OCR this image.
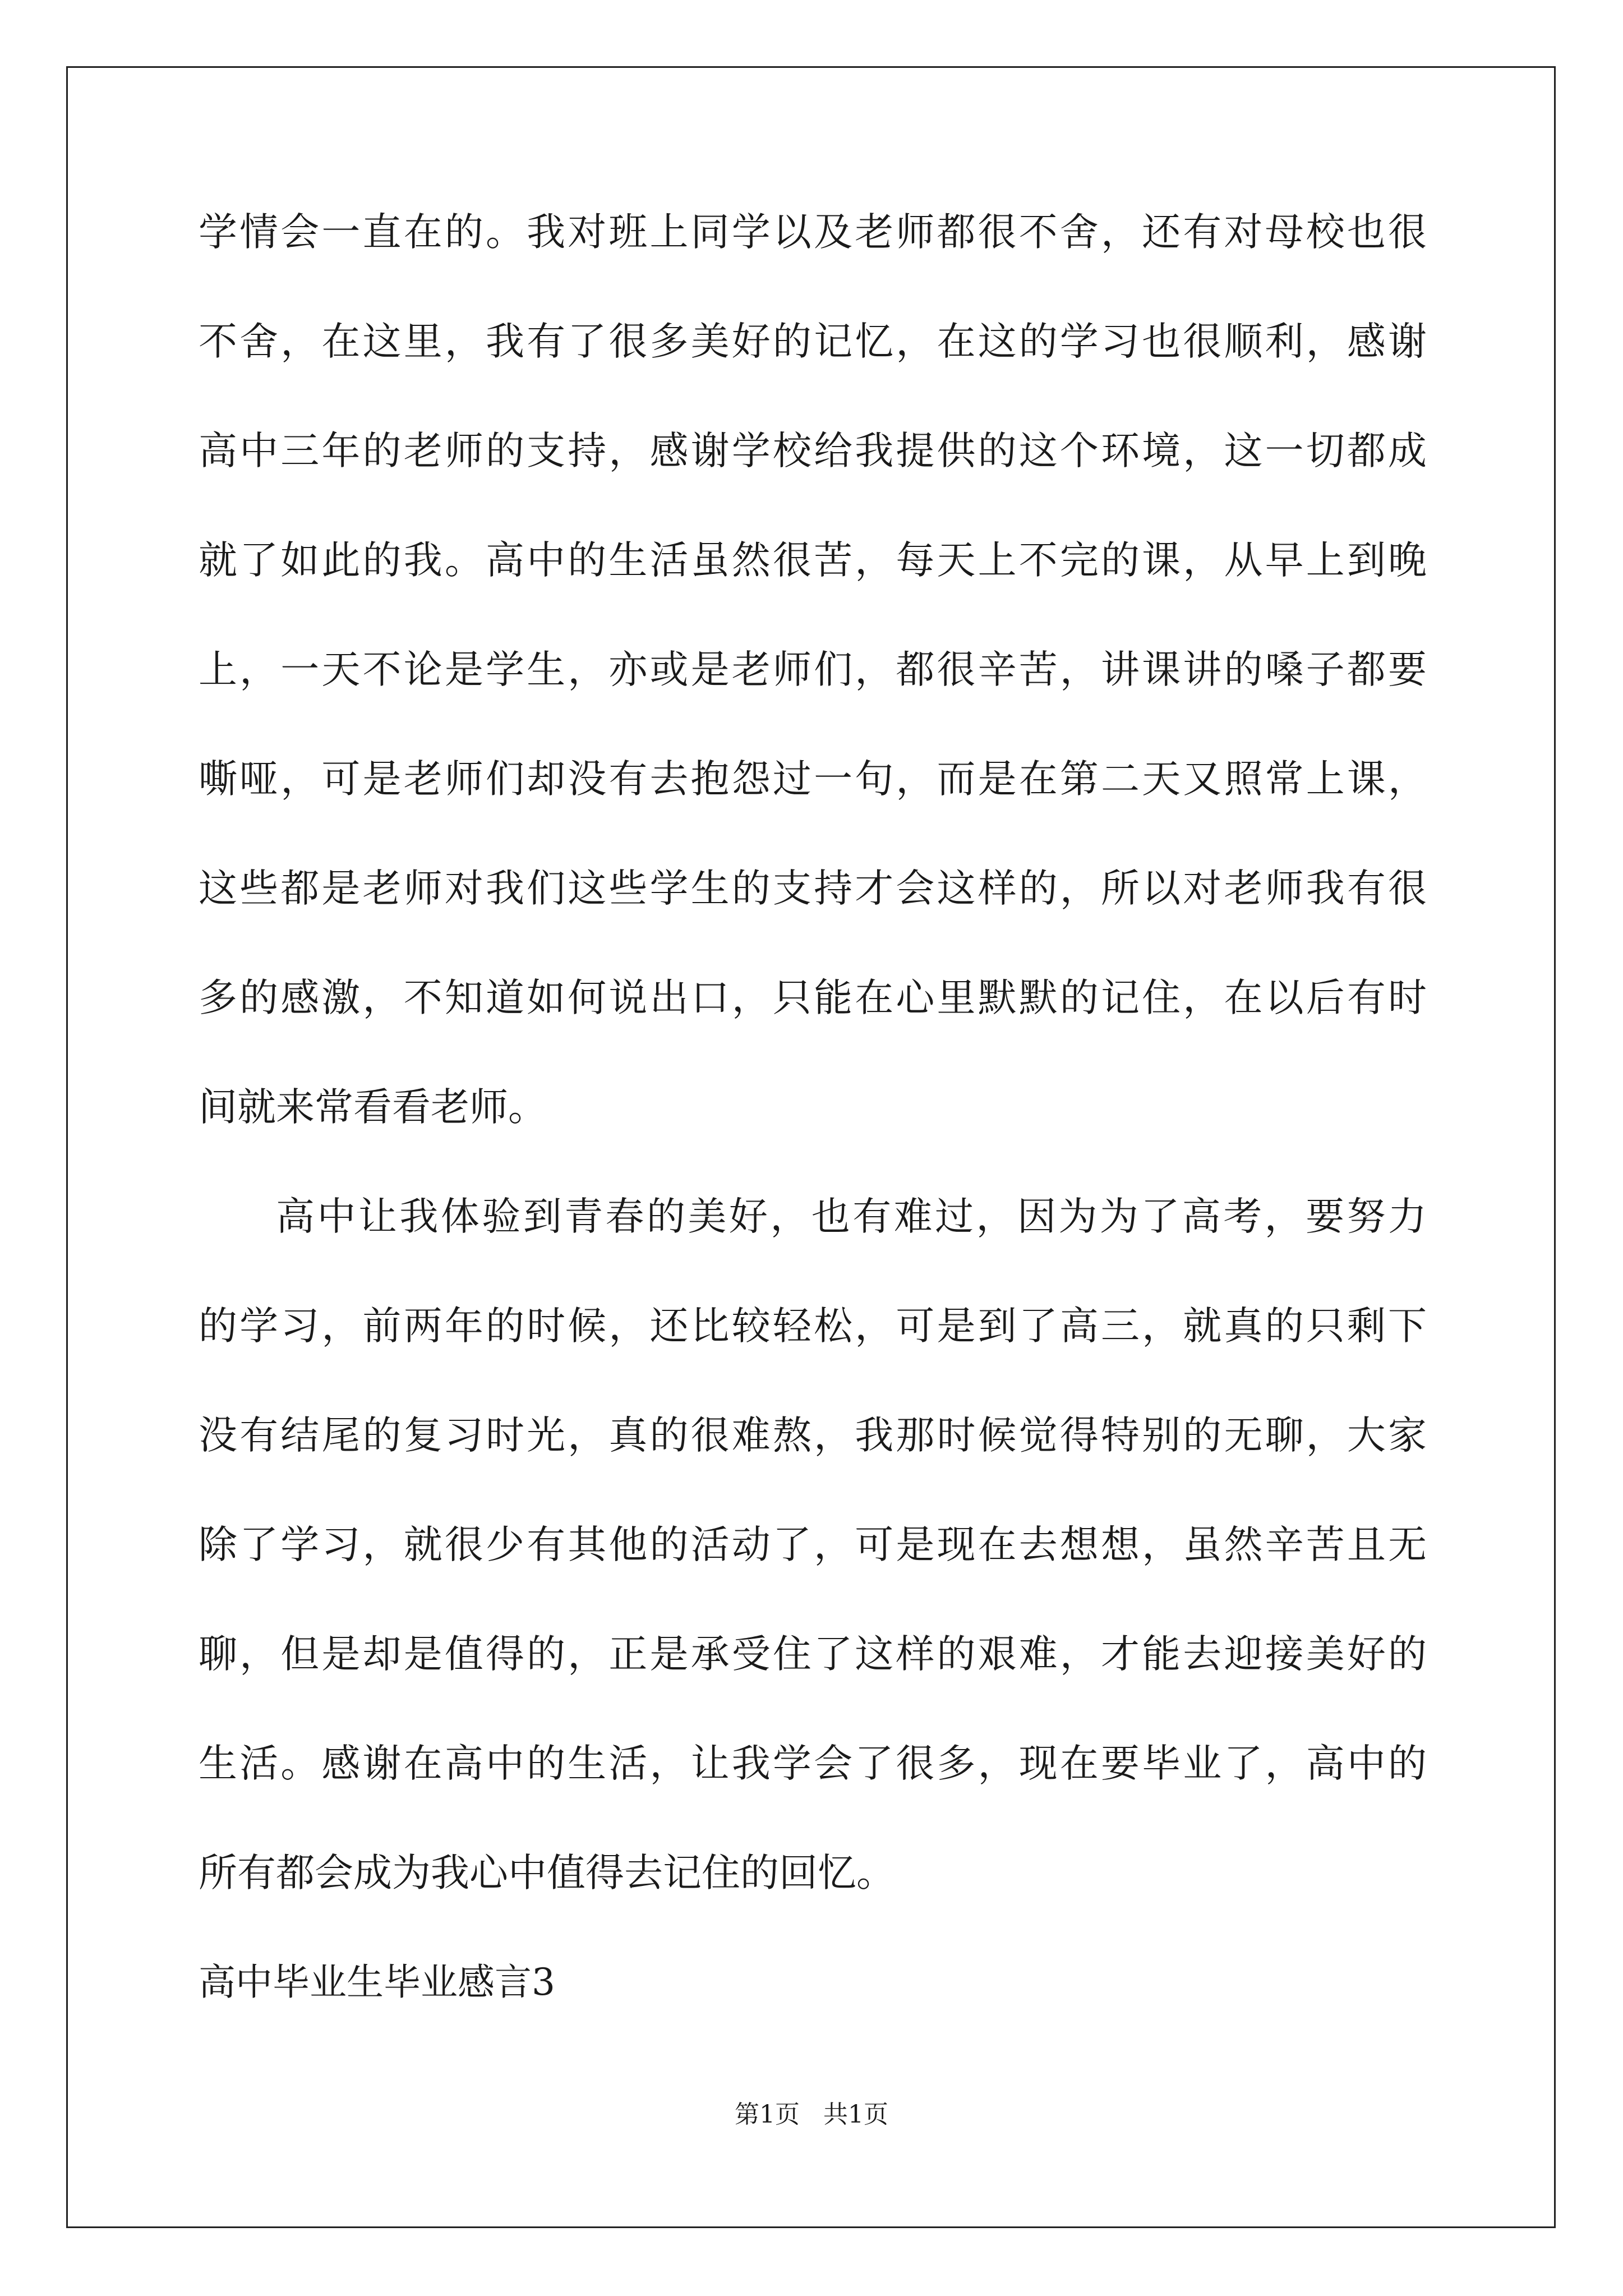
学情会一直在的。我对班上同学以及老师都很不舍，还有对母校也很
不舍，在这里，我有了很多美好的记忆，在这的学习也很顺利，感谢
高中三年的老师的支持，感谢学校给我提供的这个环境，这一切都成
就了如此的我。高中的生活虽然很苦，每天上不完的课，从早上到晚
上，一天不论是学生，亦或是老师们，都很辛苦，讲课讲的嗓子都要
嘶哑，可是老师们却没有去抱怨过一句，而是在第二天又照常上课，
这些都是老师对我们这些学生的支持才会这样的，所以对老师我有很
多的感激，不知道如何说出口，只能在心里默默的记住，在以后有时
间就来常看看老师。
高中让我体验到青春的美好，也有难过，因为为了高考，要努力
的学习，前两年的时候，还比较轻松，可是到了高三，就真的只剩下
没有结尾的复习时光，真的很难熬，我那时候觉得特别的无聊，大家
除了学习，就很少有其他的活动了，可是现在去想想，虽然辛苦且无
聊，但是却是值得的，正是承受住了这样的艰难，才能去迎接美好的
生活。感谢在高中的生活，让我学会了很多，现在要毕业了，高中的
所有都会成为我心中值得去记住的回忆。
高中毕业生毕业感言3
第1页   共1页
